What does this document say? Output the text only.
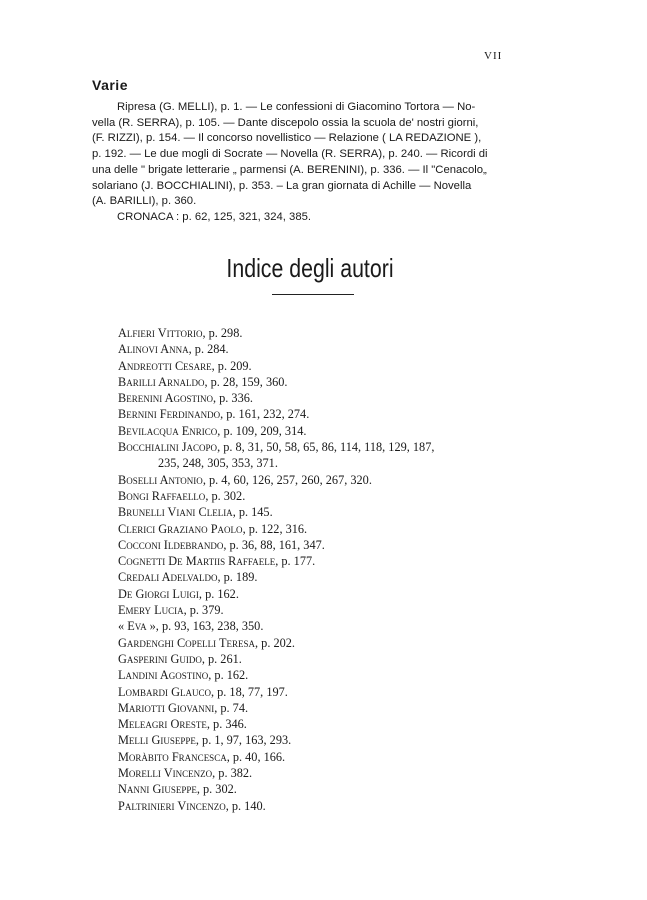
VII
Varie
Ripresa (G. MELLI), p. 1. — Le confessioni di Giacomino Tortora — No-
vella (R. SERRA), p. 105. — Dante discepolo ossia la scuola de' nostri giorni,
(F. RIZZI), p. 154. — Il concorso novellistico — Relazione ( LA REDAZIONE ),
p. 192. — Le due mogli di Socrate — Novella (R. SERRA), p. 240. — Ricordi di
una delle " brigate letterarie „ parmensi (A. BERENINI), p. 336. — Il "Cenacolo„
solariano (J. BOCCHIALINI), p. 353. – La gran giornata di Achille — Novella
(A. BARILLI), p. 360.
CRONACA : p. 62, 125, 321, 324, 385.
Indice degli autori
Alfieri Vittorio, p. 298.
Alinovi Anna, p. 284.
Andreotti Cesare, p. 209.
Barilli Arnaldo, p. 28, 159, 360.
Berenini Agostino, p. 336.
Bernini Ferdinando, p. 161, 232, 274.
Bevilacqua Enrico, p. 109, 209, 314.
Bocchialini Jacopo, p. 8, 31, 50, 58, 65, 86, 114, 118, 129, 187,
235, 248, 305, 353, 371.
Boselli Antonio, p. 4, 60, 126, 257, 260, 267, 320.
Bongi Raffaello, p. 302.
Brunelli Viani Clelia, p. 145.
Clerici Graziano Paolo, p. 122, 316.
Cocconi Ildebrando, p. 36, 88, 161, 347.
Cognetti De Martiis Raffaele, p. 177.
Credali Adelvaldo, p. 189.
De Giorgi Luigi, p. 162.
Emery Lucia, p. 379.
« Eva », p. 93, 163, 238, 350.
Gardenghi Copelli Teresa, p. 202.
Gasperini Guido, p. 261.
Landini Agostino, p. 162.
Lombardi Glauco, p. 18, 77, 197.
Mariotti Giovanni, p. 74.
Meleagri Oreste, p. 346.
Melli Giuseppe, p. 1, 97, 163, 293.
Moràbito Francesca, p. 40, 166.
Morelli Vincenzo, p. 382.
Nanni Giuseppe, p. 302.
Paltrinieri Vincenzo, p. 140.
